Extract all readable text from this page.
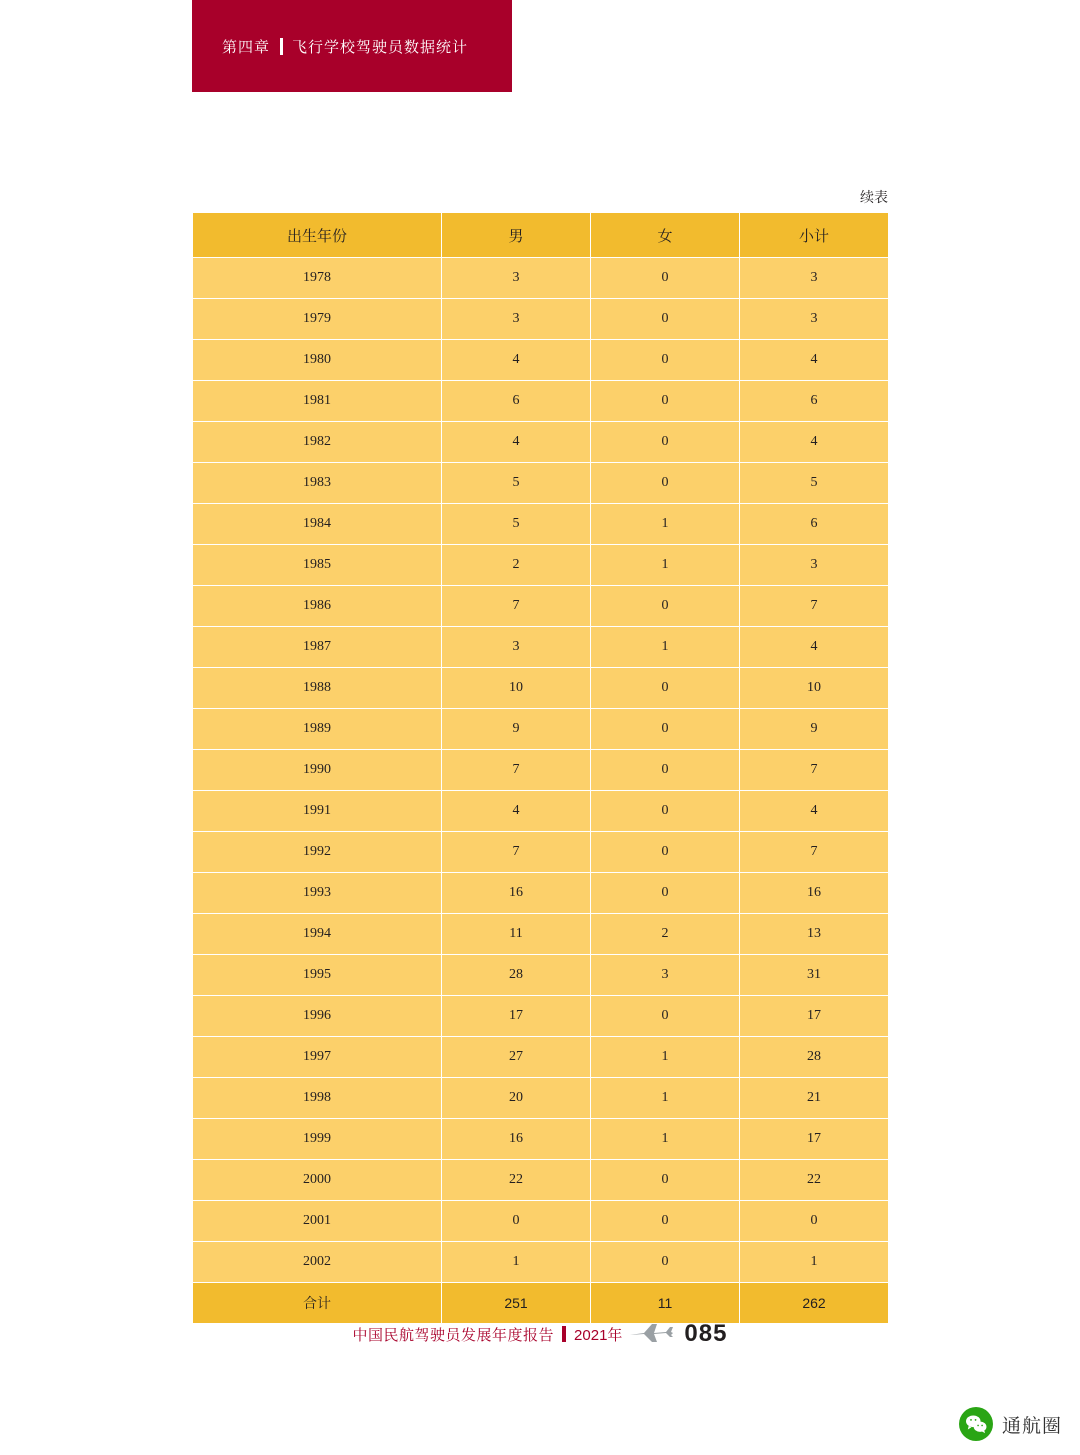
第四章 飞行学校驾驶员数据统计
续表
出生年份	男	女	小计
1978	3	0	3
1979	3	0	3
1980	4	0	4
1981	6	0	6
1982	4	0	4
1983	5	0	5
1984	5	1	6
1985	2	1	3
1986	7	0	7
1987	3	1	4
1988	10	0	10
1989	9	0	9
1990	7	0	7
1991	4	0	4
1992	7	0	7
1993	16	0	16
1994	11	2	13
1995	28	3	31
1996	17	0	17
1997	27	1	28
1998	20	1	21
1999	16	1	17
2000	22	0	22
2001	0	0	0
2002	1	0	1
合计	251	11	262
中国民航驾驶员发展年度报告 2021年	085
通航圈
